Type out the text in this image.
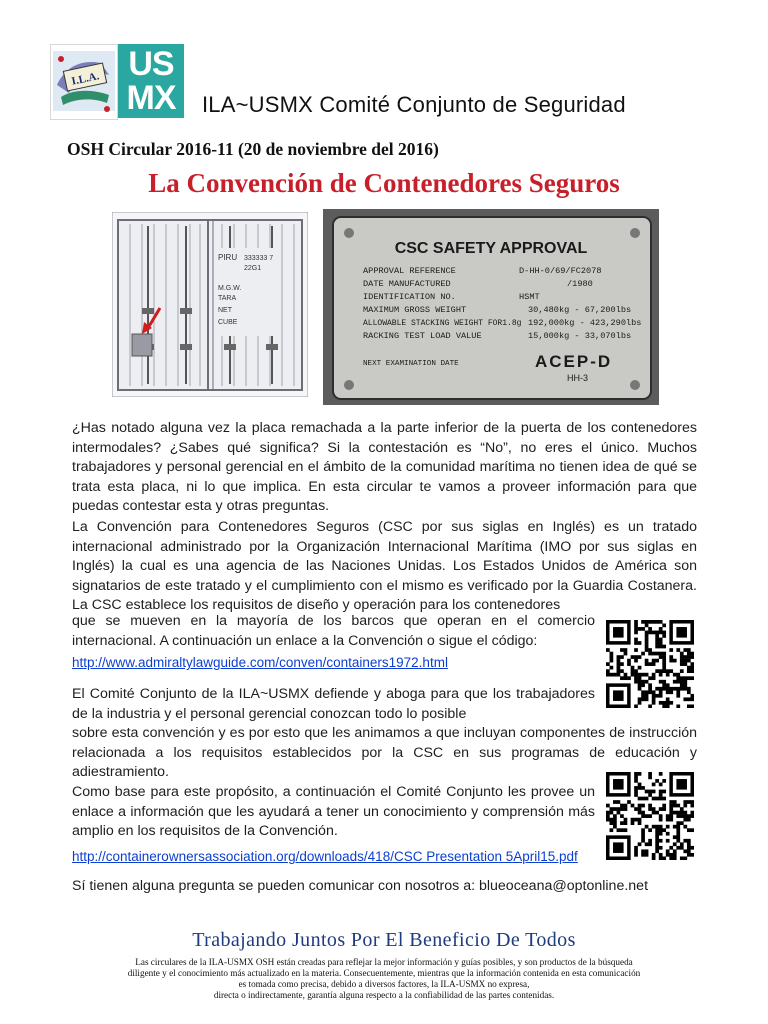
I.L.A. US
MX	ILA~USMX Comité Conjunto de Seguridad
OSH Circular 2016-11 (20 de noviembre del 2016)
La Convención de Contenedores Seguros
PIRU 333333 7
22G1
M.G.W.
TARA
NET
CUBE
CSC SAFETY APPROVAL
APPROVAL REFERENCE	D-HH-0/69/FC2078
DATE MANUFACTURED	/1980
IDENTIFICATION NO.	HSMT
MAXIMUM GROSS WEIGHT	30,480kg - 67,200lbs
ALLOWABLE STACKING WEIGHT FOR1.8g 192,000kg - 423,290lbs
RACKING TEST LOAD VALUE	15,000kg - 33,070lbs
NEXT EXAMINATION DATE	ACEP-D
HH-3

¿Has notado alguna vez la placa remachada a la parte inferior de la puerta de los contenedores intermodales? ¿Sabes qué significa? Si la contestación es “No”, no eres el único. Muchos trabajadores y personal gerencial en el ámbito de la comunidad marítima no tienen idea de qué se trata esta placa, ni lo que implica. En esta circular te vamos a proveer información para que puedas contestar esta y otras preguntas.

La Convención para Contenedores Seguros (CSC por sus siglas en Inglés) es un tratado internacional administrado por la Organización Internacional Marítima (IMO por sus siglas en Inglés) la cual es una agencia de las Naciones Unidas. Los Estados Unidos de América son signatarios de este tratado y el cumplimiento con el mismo es verificado por la Guardia Costanera. La CSC establece los requisitos de diseño y operación para los contenedores

que se mueven en la mayoría de los barcos que operan en el comercio internacional. A continuación un enlace a la Convención o sigue el código:

http://www.admiraltylawguide.com/conven/containers1972.html

El Comité Conjunto de la ILA~USMX defiende y aboga para que los trabajadores de la industria y el personal gerencial conozcan todo lo posible

sobre esta convención y es por esto que les animamos a que incluyan componentes de instrucción relacionada a los requisitos establecidos por la CSC en sus programas de educación y adiestramiento.

Como base para este propósito, a continuación el Comité Conjunto les provee un enlace a información que les ayudará a tener un conocimiento y comprensión más amplio en los requisitos de la Convención.

http://containerownersassociation.org/downloads/418/CSC Presentation 5April15.pdf
Sí tienen alguna pregunta se pueden comunicar con nosotros a: blueoceana@optonline.net
Trabajando Juntos Por El Beneficio De Todos
Las circulares de la ILA-USMX OSH están creadas para reflejar la mejor información y guías posibles, y son productos de la búsqueda
diligente y el conocimiento más actualizado en la materia. Consecuentemente, mientras que la información contenida en esta comunicación
es tomada como precisa, debido a diversos factores, la ILA-USMX no expresa,
directa o indirectamente, garantía alguna respecto a la confiabilidad de las partes contenidas.
